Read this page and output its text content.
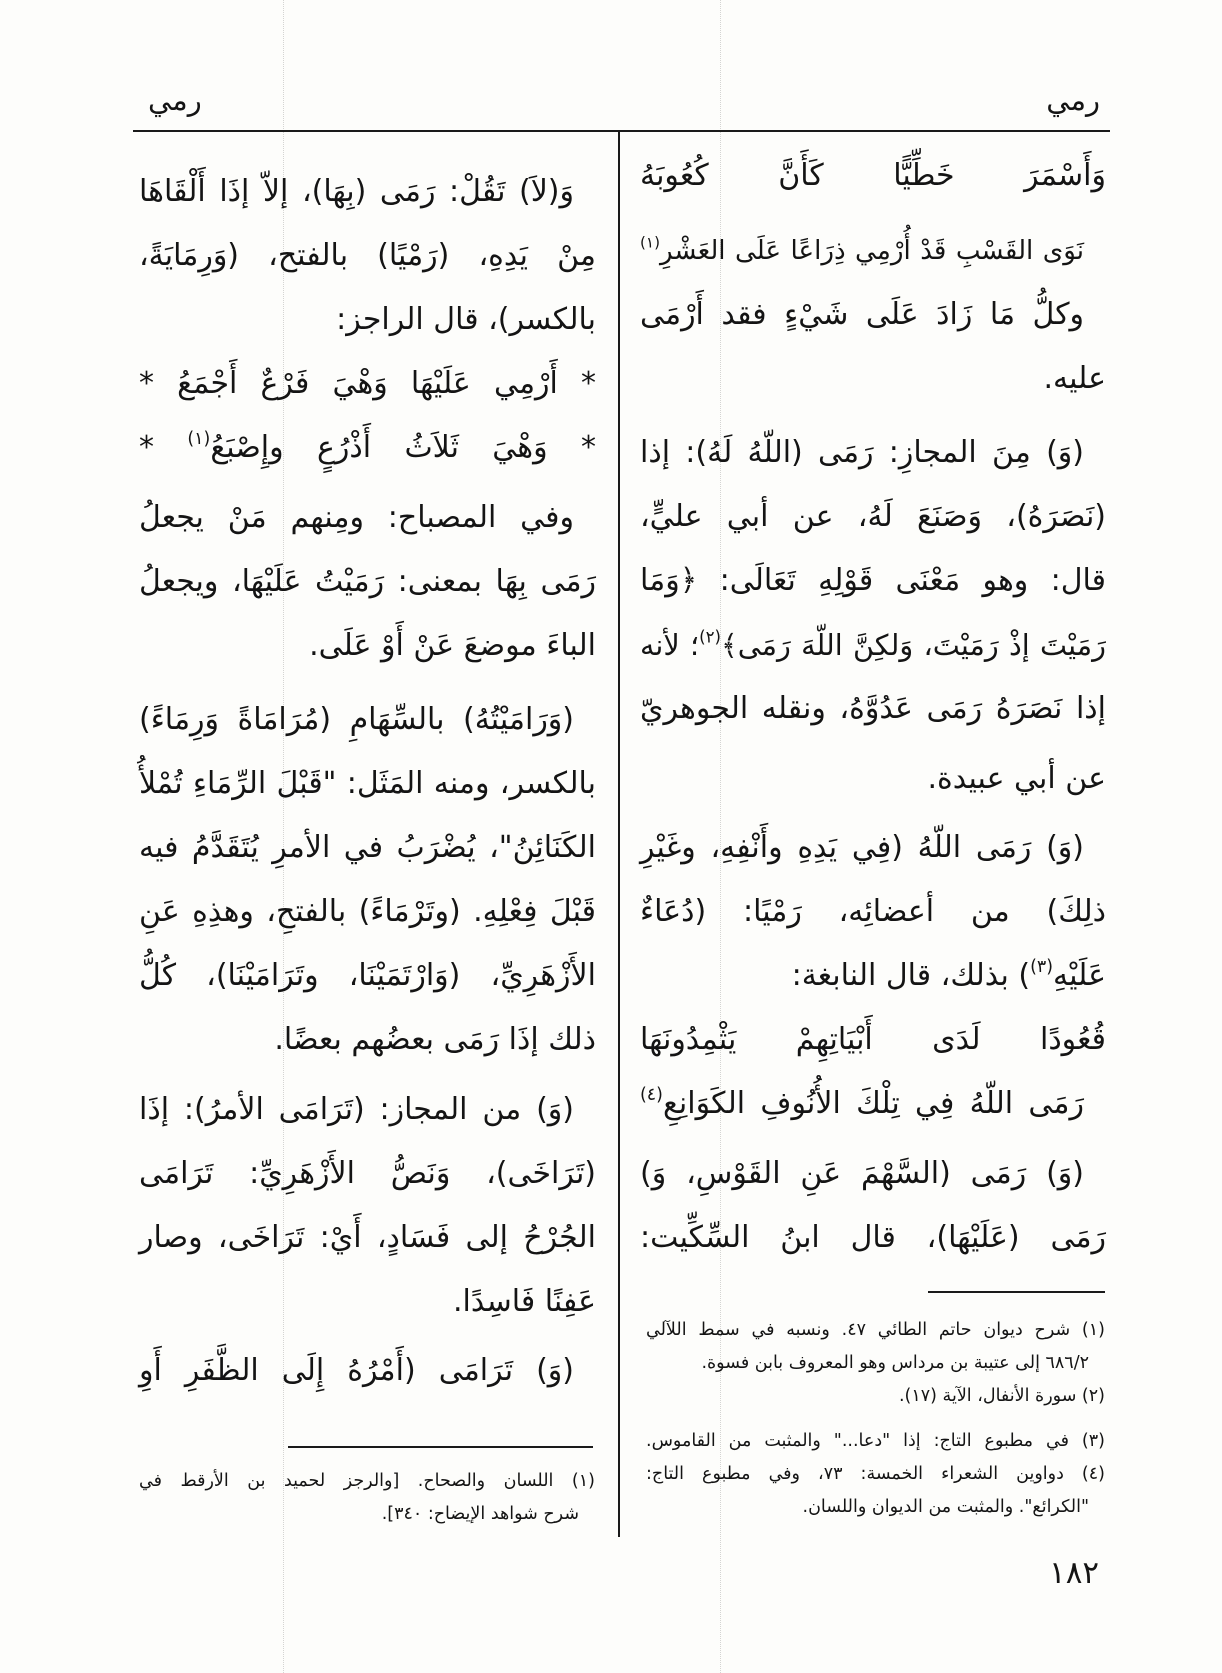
رمي
رمي
وَأَسْمَرَ خَطِّيًّا كَأَنَّ كُعُوبَهُ
نَوَى القَسْبِ قَدْ أُرْمِي ذِرَاعًا عَلَى العَشْرِ$^{(١)}$
وكلُّ مَا زَادَ عَلَى شَيْءٍ فقد أَرْمَى
عليه.
(وَ) مِنَ المجازِ: رَمَى (اللّهُ لَهُ): إذا
(نَصَرَهُ)، وَصَنَعَ لَهُ، عن أبي عليٍّ،
قال: وهو مَعْنَى قَوْلِهِ تَعَالَى: ﴿وَمَا
رَمَيْتَ إذْ رَمَيْتَ، وَلكِنَّ اللّهَ رَمَى﴾$^{(٢)}$؛ لأنه
إذا نَصَرَهُ رَمَى عَدُوَّهُ، ونقله الجوهريّ
عن أبي عبيدة.
(وَ) رَمَى اللّهُ (فِي يَدِهِ وأَنْفِهِ، وغَيْرِ
ذلِكَ) من أعضائِه، رَمْيًا: (دُعَاءٌ
عَلَيْهِ$^{(٣)}$) بذلك، قال النابغة:
قُعُودًا لَدَى أَبْيَاتِهِمْ يَثْمِدُونَهَا
رَمَى اللّهُ فِي تِلْكَ الأُنُوفِ الكَوَانِعِ$^{(٤)}$
(وَ) رَمَى (السَّهْمَ عَنِ القَوْسِ، وَ)
رَمَى (عَلَيْهَا)، قال ابنُ السِّكِّيت:
(١) شرح ديوان حاتم الطائي ٤٧. ونسبه في سمط اللآلي
٦٨٦/٢ إلى عتيبة بن مرداس وهو المعروف بابن فسوة.
(٢) سورة الأنفال، الآية (١٧).
(٣) في مطبوع التاج: إذا "دعا..." والمثبت من القاموس.
(٤) دواوين الشعراء الخمسة: ٧٣، وفي مطبوع التاج:
"الكرائع". والمثبت من الديوان واللسان.
١٨٢
وَ(لاَ) تَقُلْ: رَمَى (بِهَا)، إلاّ إذَا أَلْقَاهَا
مِنْ يَدِهِ، (رَمْيًا) بالفتح، (وَرِمَايَةً،
بالكسر)، قال الراجز:
* أَرْمِي عَلَيْهَا وَهْيَ فَرْعٌ أَجْمَعُ *
* وَهْيَ ثَلاَثُ أَذْرُعٍ وإِصْبَعُ$^{(١)}$ *
وفي المصباح: ومِنهم مَنْ يجعلُ
رَمَى بِهَا بمعنى: رَمَيْتُ عَلَيْهَا، ويجعلُ
الباءَ موضعَ عَنْ أَوْ عَلَى.
(وَرَامَيْتُهُ) بالسِّهَامِ (مُرَامَاةً وَرِمَاءً)
بالكسر، ومنه المَثَل: "قَبْلَ الرِّمَاءِ تُمْلأُ
الكَنَائِنُ"، يُضْرَبُ في الأمرِ يُتَقَدَّمُ فيه
قَبْلَ فِعْلِهِ. (وتَرْمَاءً) بالفتحِ، وهذِهِ عَنِ
الأَزْهَرِيِّ، (وَارْتَمَيْنَا، وتَرَامَيْنَا)، كُلُّ
ذلك إذَا رَمَى بعضُهم بعضًا.
(وَ) من المجاز: (تَرَامَى الأمرُ): إذَا
(تَرَاخَى)، وَنَصُّ الأَزْهَرِيِّ: تَرَامَى
الجُرْحُ إلى فَسَادٍ، أَيْ: تَرَاخَى، وصار
عَفِنًا فَاسِدًا.
(وَ) تَرَامَى (أَمْرُهُ إِلَى الظَّفَرِ أَوِ
(١) اللسان والصحاح. [والرجز لحميد بن الأرقط في
شرح شواهد الإيضاح: ٣٤٠].
